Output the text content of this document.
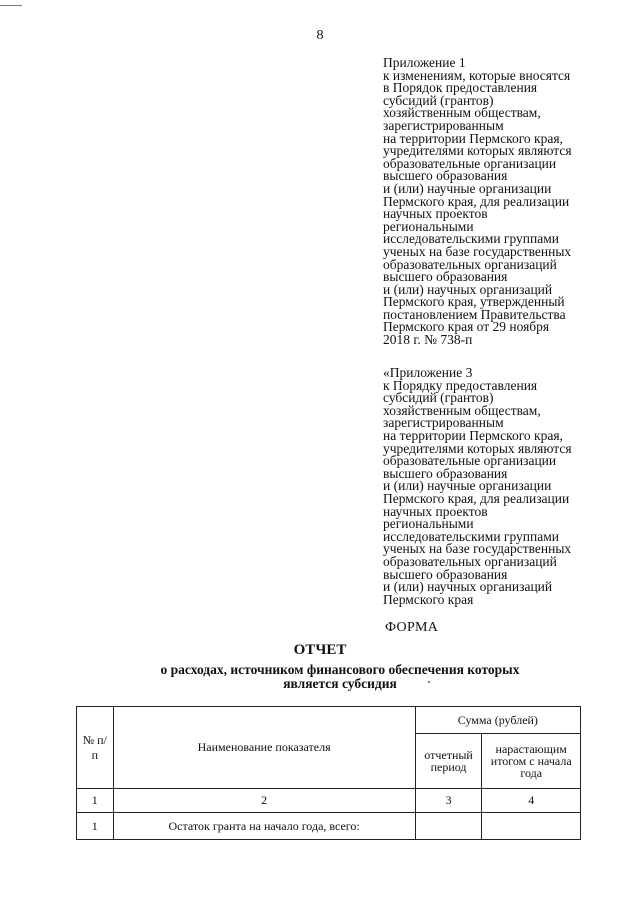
8
Приложение 1
к изменениям, которые вносятся
в Порядок предоставления
субсидий (грантов)
хозяйственным обществам,
зарегистрированным
на территории Пермского края,
учредителями которых являются
образовательные организации
высшего образования
и (или) научные организации
Пермского края, для реализации
научных проектов
региональными
исследовательскими группами
ученых на базе государственных
образовательных организаций
высшего образования
и (или) научных организаций
Пермского края, утвержденный
постановлением Правительства
Пермского края от 29 ноября
2018 г. № 738-п
«Приложение 3
к Порядку предоставления
субсидий (грантов)
хозяйственным обществам,
зарегистрированным
на территории Пермского края,
учредителями которых являются
образовательные организации
высшего образования
и (или) научные организации
Пермского края, для реализации
научных проектов
региональными
исследовательскими группами
ученых на базе государственных
образовательных организаций
высшего образования
и (или) научных организаций
Пермского края
ФОРМА
ОТЧЕТ
о расходах, источником финансового обеспечения которых
является субсидия
№ п/п	Наименование показателя	Сумма (рублей)	
		отчетный период	нарастающим итогом с начала года
1	2	3	4
1	Остаток гранта на начало года, всего:		
